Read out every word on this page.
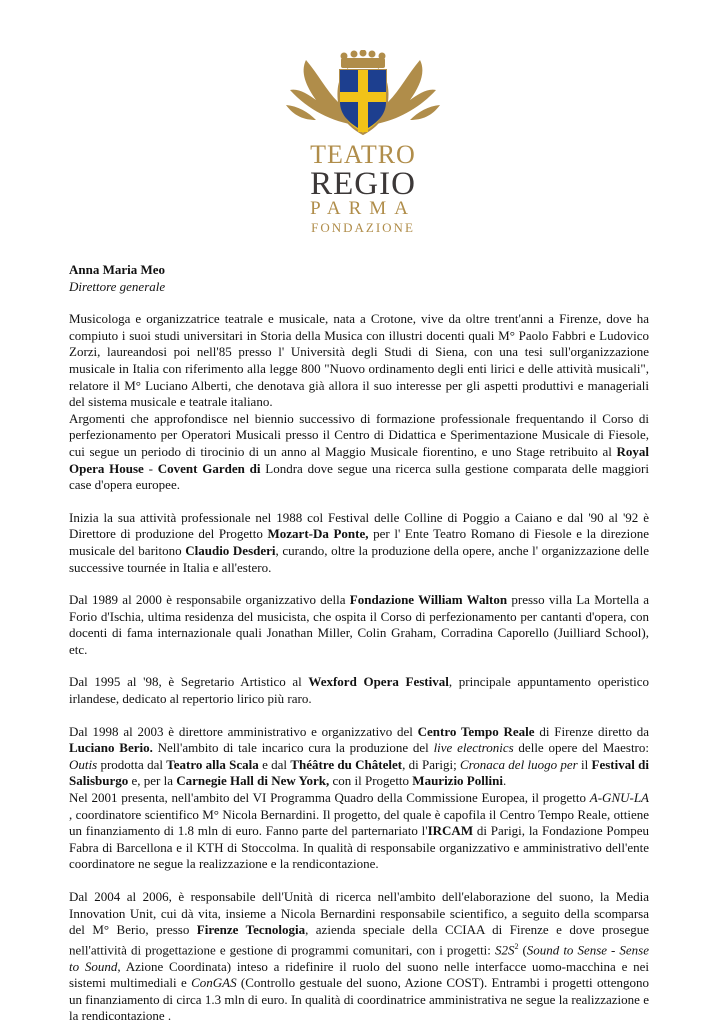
TEATRO
REGIO
PARMA
FONDAZIONE
Anna Maria Meo
Direttore generale

Musicologa e organizzatrice teatrale e musicale, nata a Crotone, vive da oltre trent'anni a Firenze, dove ha compiuto i suoi studi universitari in Storia della Musica con illustri docenti quali M° Paolo Fabbri e Ludovico Zorzi, laureandosi poi nell'85 presso l' Università degli Studi di Siena, con una tesi sull'organizzazione musicale in Italia con riferimento alla legge 800 "Nuovo ordinamento degli enti lirici e delle attività musicali", relatore il M° Luciano Alberti, che denotava già allora il suo interesse per gli aspetti produttivi e manageriali del sistema musicale e teatrale italiano.

Argomenti che approfondisce nel biennio successivo di formazione professionale frequentando il Corso di perfezionamento per Operatori Musicali presso il Centro di Didattica e Sperimentazione Musicale di Fiesole, cui segue un periodo di tirocinio di un anno al Maggio Musicale fiorentino, e uno Stage retribuito al Royal Opera House - Covent Garden di Londra dove segue una ricerca sulla gestione comparata delle maggiori case d'opera europee.

Inizia la sua attività professionale nel 1988 col Festival delle Colline di Poggio a Caiano e dal '90 al '92 è Direttore di produzione del Progetto Mozart-Da Ponte, per l' Ente Teatro Romano di Fiesole e la direzione musicale del baritono Claudio Desderi, curando, oltre la produzione della opere, anche l' organizzazione delle successive tournée in Italia e all'estero.

Dal 1989 al 2000 è responsabile organizzativo della Fondazione William Walton presso villa La Mortella a Forio d'Ischia, ultima residenza del musicista, che ospita il Corso di perfezionamento per cantanti d'opera, con docenti di fama internazionale quali Jonathan Miller, Colin Graham, Corradina Caporello (Juilliard School), etc.

Dal 1995 al '98, è Segretario Artistico al Wexford Opera Festival, principale appuntamento operistico irlandese, dedicato al repertorio lirico più raro.

Dal 1998 al 2003 è direttore amministrativo e organizzativo del Centro Tempo Reale di Firenze diretto da Luciano Berio. Nell'ambito di tale incarico cura la produzione del live electronics delle opere del Maestro: Outis prodotta dal Teatro alla Scala e dal Théâtre du Châtelet, di Parigi; Cronaca del luogo per il Festival di Salisburgo e, per la Carnegie Hall di New York, con il Progetto Maurizio Pollini.

Nel 2001 presenta, nell'ambito del VI Programma Quadro della Commissione Europea, il progetto A-GNU-LA , coordinatore scientifico M° Nicola Bernardini. Il progetto, del quale è capofila il Centro Tempo Reale, ottiene un finanziamento di 1.8 mln di euro. Fanno parte del parternariato l'IRCAM di Parigi, la Fondazione Pompeu Fabra di Barcellona e il KTH di Stoccolma. In qualità di responsabile organizzativo e amministrativo dell'ente coordinatore ne segue la realizzazione e la rendicontazione.

Dal 2004 al 2006, è responsabile dell'Unità di ricerca nell'ambito dell'elaborazione del suono, la Media Innovation Unit, cui dà vita, insieme a Nicola Bernardini responsabile scientifico, a seguito della scomparsa del M° Berio, presso Firenze Tecnologia, azienda speciale della CCIAA di Firenze e dove prosegue nell'attività di progettazione e gestione di programmi comunitari, con i progetti: $S2S^2$ (Sound to Sense - Sense to Sound, Azione Coordinata) inteso a ridefinire il ruolo del suono nelle interfacce uomo-macchina e nei sistemi multimediali e ConGAS (Controllo gestuale del suono, Azione COST). Entrambi i progetti ottengono un finanziamento di circa 1.3 mln di euro. In qualità di coordinatrice amministrativa ne segue la realizzazione e la rendicontazione .
